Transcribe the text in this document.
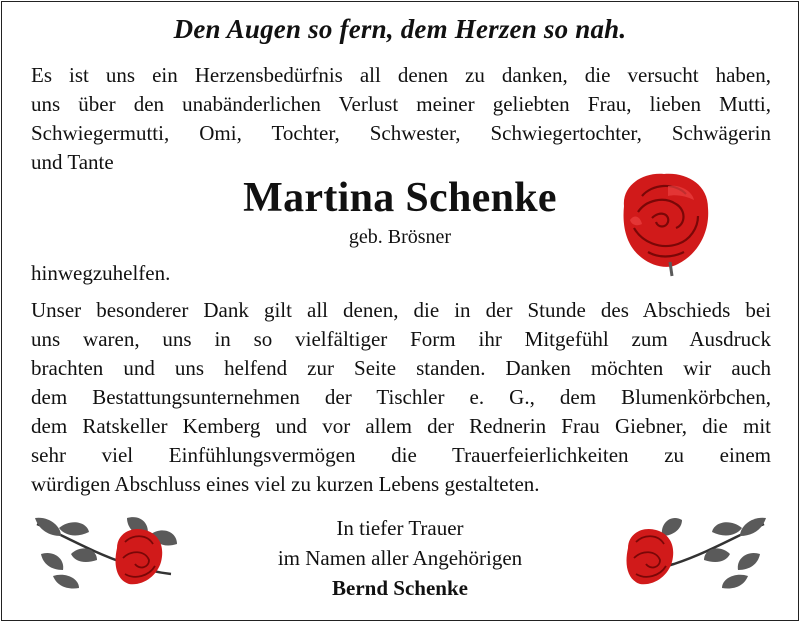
Den Augen so fern, dem Herzen so nah.
Es ist uns ein Herzensbedürfnis all denen zu danken, die versucht haben,
uns über den unabänderlichen Verlust meiner geliebten Frau, lieben Mutti,
Schwiegermutti, Omi, Tochter, Schwester, Schwiegertochter, Schwägerin
und Tante
Martina Schenke
geb. Brösner
hinwegzuhelfen.
Unser besonderer Dank gilt all denen, die in der Stunde des Abschieds bei
uns waren, uns in so vielfältiger Form ihr Mitgefühl zum Ausdruck
brachten und uns helfend zur Seite standen. Danken möchten wir auch
dem Bestattungsunternehmen der Tischler e. G., dem Blumenkörbchen,
dem Ratskeller Kemberg und vor allem der Rednerin Frau Giebner, die mit
sehr viel Einfühlungsvermögen die Trauerfeierlichkeiten zu einem
würdigen Abschluss eines viel zu kurzen Lebens gestalteten.
In tiefer Trauer
im Namen aller Angehörigen
Bernd Schenke
